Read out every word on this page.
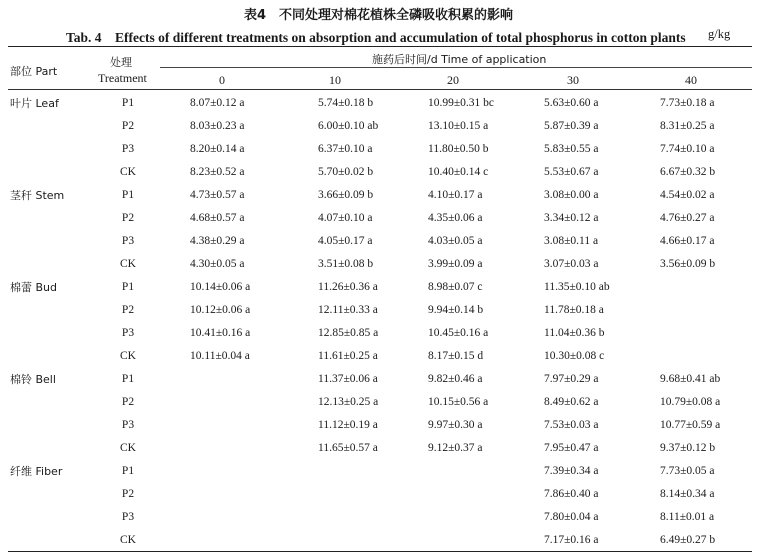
表4　不同处理对棉花植株全磷吸收积累的影响
Tab. 4　Effects of different treatments on absorption and accumulation of total phosphorus in cotton plants g/kg
部位 Part
处理
Treatment
施药后时间/d Time of application
0	10	20	30	40
叶片 Leaf	P1	8.07±0.12 a	5.74±0.18 b	10.99±0.31 bc	5.63±0.60 a	7.73±0.18 a
	P2	8.03±0.23 a	6.00±0.10 ab	13.10±0.15 a	5.87±0.39 a	8.31±0.25 a
	P3	8.20±0.14 a	6.37±0.10 a	11.80±0.50 b	5.83±0.55 a	7.74±0.10 a
	CK	8.23±0.52 a	5.70±0.02 b	10.40±0.14 c	5.53±0.67 a	6.67±0.32 b
茎秆 Stem	P1	4.73±0.57 a	3.66±0.09 b	4.10±0.17 a	3.08±0.00 a	4.54±0.02 a
	P2	4.68±0.57 a	4.07±0.10 a	4.35±0.06 a	3.34±0.12 a	4.76±0.27 a
	P3	4.38±0.29 a	4.05±0.17 a	4.03±0.05 a	3.08±0.11 a	4.66±0.17 a
	CK	4.30±0.05 a	3.51±0.08 b	3.99±0.09 a	3.07±0.03 a	3.56±0.09 b
棉蕾 Bud	P1	10.14±0.06 a	11.26±0.36 a	8.98±0.07 c	11.35±0.10 ab	
	P2	10.12±0.06 a	12.11±0.33 a	9.94±0.14 b	11.78±0.18 a	
	P3	10.41±0.16 a	12.85±0.85 a	10.45±0.16 a	11.04±0.36 b	
	CK	10.11±0.04 a	11.61±0.25 a	8.17±0.15 d	10.30±0.08 c	
棉铃 Bell	P1		11.37±0.06 a	9.82±0.46 a	7.97±0.29 a	9.68±0.41 ab
	P2		12.13±0.25 a	10.15±0.56 a	8.49±0.62 a	10.79±0.08 a
	P3		11.12±0.19 a	9.97±0.30 a	7.53±0.03 a	10.77±0.59 a
	CK		11.65±0.57 a	9.12±0.37 a	7.95±0.47 a	9.37±0.12 b
纤维 Fiber	P1				7.39±0.34 a	7.73±0.05 a
	P2				7.86±0.40 a	8.14±0.34 a
	P3				7.80±0.04 a	8.11±0.01 a
	CK				7.17±0.16 a	6.49±0.27 b
